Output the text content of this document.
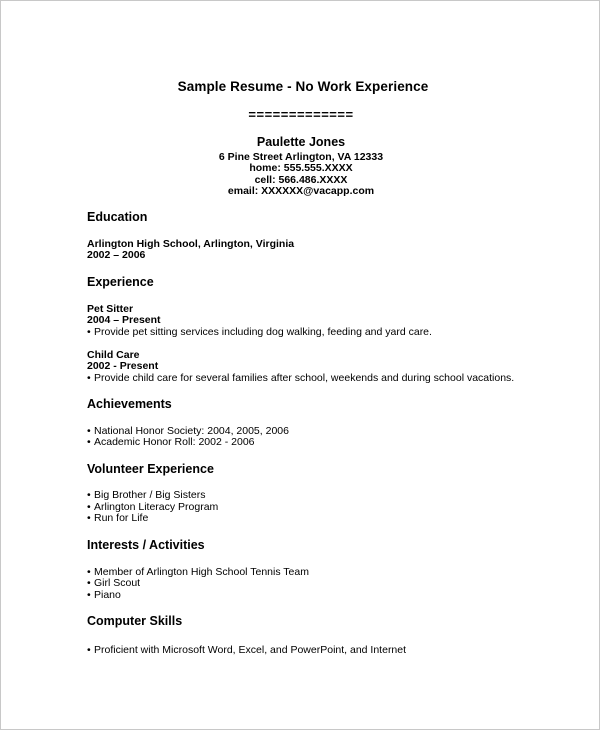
Sample Resume - No Work Experience
=============
Paulette Jones
6 Pine Street Arlington, VA 12333
home: 555.555.XXXX
cell: 566.486.XXXX
email: XXXXXX@vacapp.com
Education
Arlington High School, Arlington, Virginia
2002 – 2006
Experience
Pet Sitter
2004 – Present
• Provide pet sitting services including dog walking, feeding and yard care.
Child Care
2002 - Present
• Provide child care for several families after school, weekends and during school vacations.
Achievements
• National Honor Society: 2004, 2005, 2006
• Academic Honor Roll: 2002 - 2006
Volunteer Experience
• Big Brother / Big Sisters
• Arlington Literacy Program
• Run for Life
Interests / Activities
• Member of Arlington High School Tennis Team
• Girl Scout
• Piano
Computer Skills
• Proficient with Microsoft Word, Excel, and PowerPoint, and Internet
